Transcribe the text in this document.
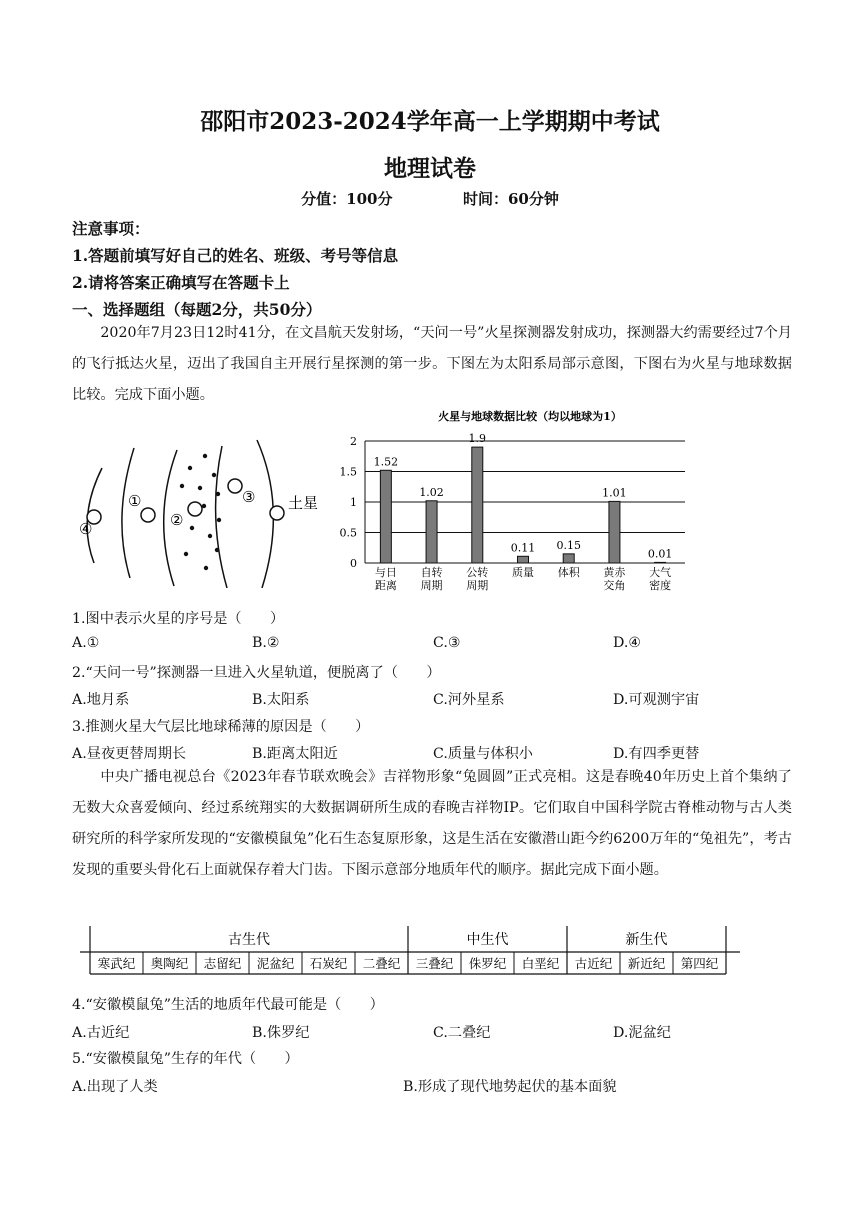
邵阳市2023-2024学年高一上学期期中考试
地理试卷
分值：100分	时间：60分钟
注意事项：
1.答题前填写好自己的姓名、班级、考号等信息
2.请将答案正确填写在答题卡上
一、选择题组（每题2分，共50分）
2020年7月23日12时41分，在文昌航天发射场，“天问一号”火星探测器发射成功，探测器大约需要经过7个月的飞行抵达火星，迈出了我国自主开展行星探测的第一步。下图左为太阳系局部示意图，下图右为火星与地球数据比较。完成下面小题。
④
①
②
③ 土星
火星与地球数据比较（均以地球为1）
0
0.5
1
1.5
2
1.52
与日
距离
1.02
自转
周期
1.9
公转
周期
0.11
质量
0.15
体积
1.01
黄赤
交角
0.01
大气
密度
1.图中表示火星的序号是（　　）
A.①	B.②	C.③	D.④
2.“天问一号”探测器一旦进入火星轨道，便脱离了（　　）
A.地月系	B.太阳系	C.河外星系	D.可观测宇宙
3.推测火星大气层比地球稀薄的原因是（　　）
A.昼夜更替周期长	B.距离太阳近	C.质量与体积小	D.有四季更替
中央广播电视总台《2023年春节联欢晚会》吉祥物形象“兔圆圆”正式亮相。这是春晚40年历史上首个集纳了无数大众喜爱倾向、经过系统翔实的大数据调研所生成的春晚吉祥物IP。它们取自中国科学院古脊椎动物与古人类研究所的科学家所发现的“安徽模鼠兔”化石生态复原形象，这是生活在安徽潜山距今约6200万年的“兔祖先”，考古发现的重要头骨化石上面就保存着大门齿。下图示意部分地质年代的顺序。据此完成下面小题。
古生代
寒武纪 奥陶纪 志留纪 泥盆纪 石炭纪 二叠纪
中生代
三叠纪 侏罗纪 白垩纪
新生代
古近纪 新近纪 第四纪
4.“安徽模鼠兔”生活的地质年代最可能是（　　）
A.古近纪	B.侏罗纪	C.二叠纪	D.泥盆纪
5.“安徽模鼠兔”生存的年代（　　）
A.出现了人类	B.形成了现代地势起伏的基本面貌
